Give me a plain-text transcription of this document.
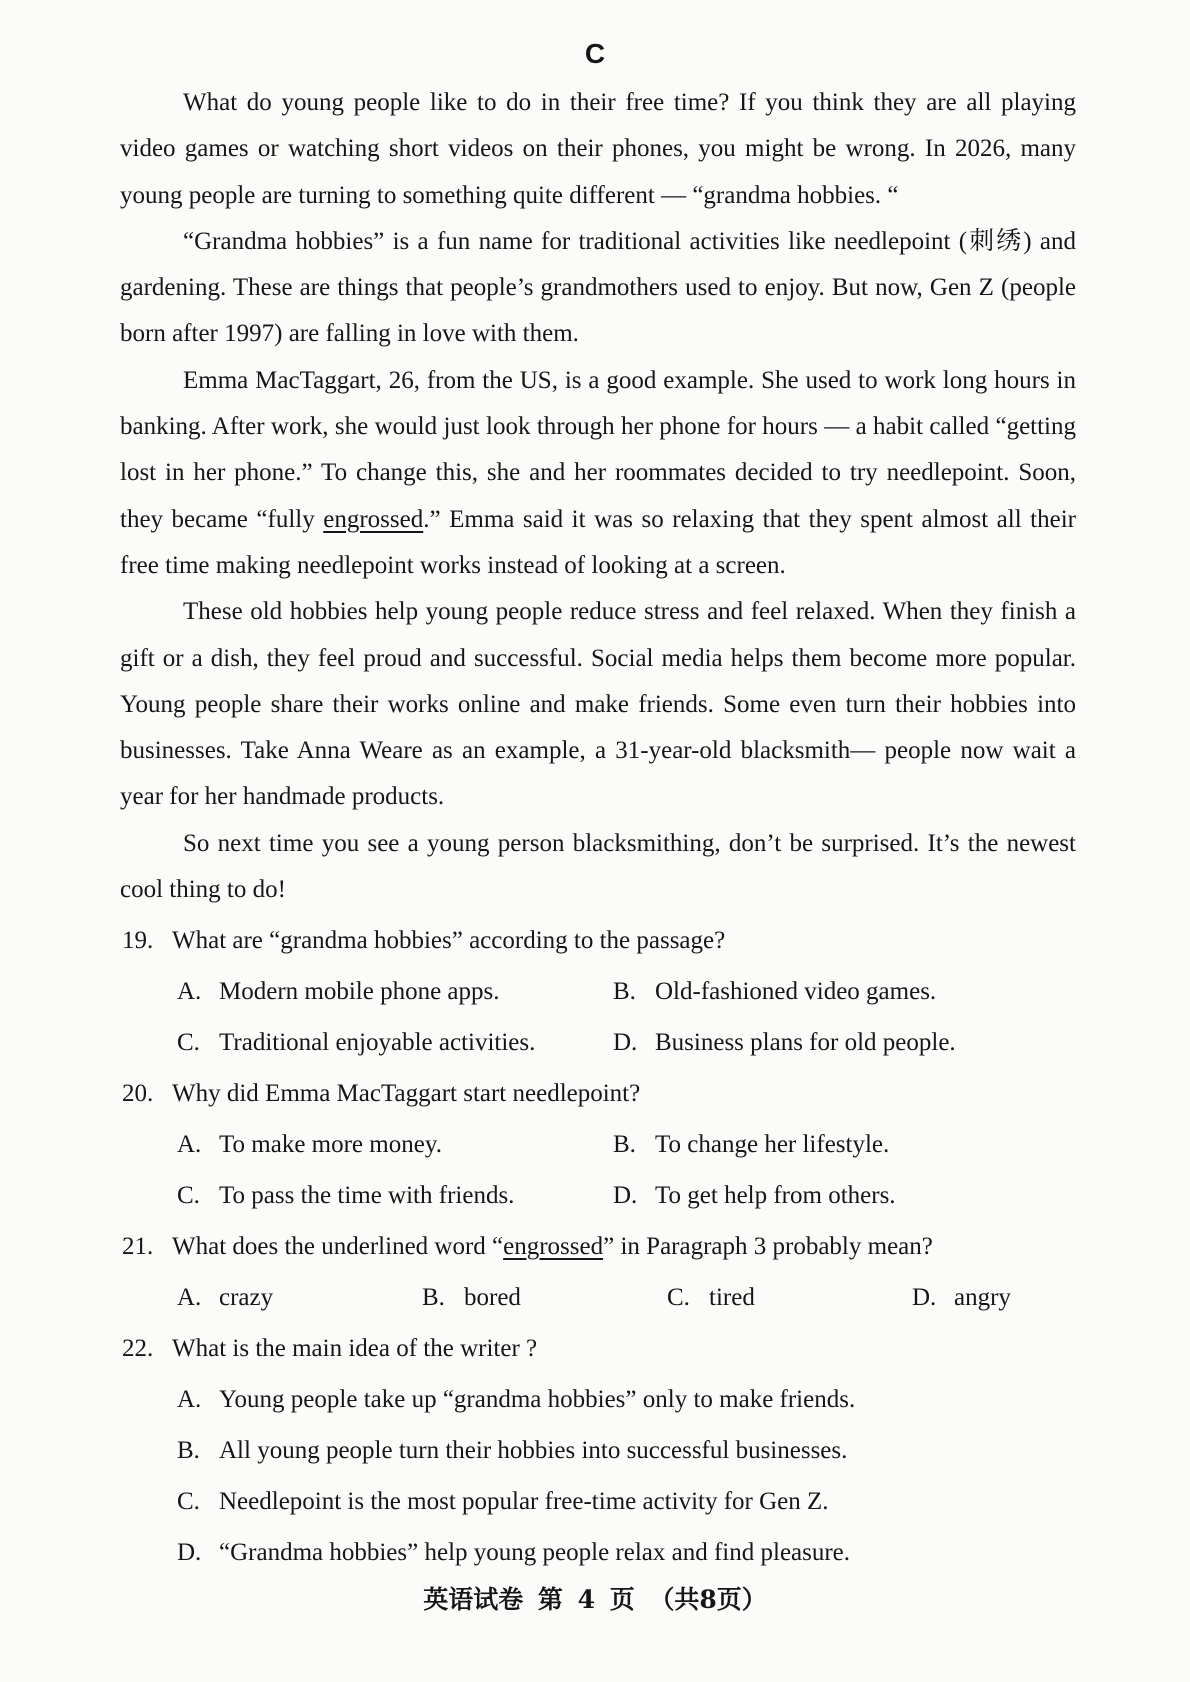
C

What do young people like to do in their free time? If you think they are all playing video games or watching short videos on their phones, you might be wrong. In 2026, many young people are turning to something quite different — “grandma hobbies. “

“Grandma hobbies” is a fun name for traditional activities like needlepoint (刺绣) and gardening. These are things that people’s grandmothers used to enjoy. But now, Gen Z (people born after 1997) are falling in love with them.

Emma MacTaggart, 26, from the US, is a good example. She used to work long hours in banking. After work, she would just look through her phone for hours — a habit called “getting lost in her phone.” To change this, she and her roommates decided to try needlepoint. Soon, they became “fully engrossed.” Emma said it was so relaxing that they spent almost all their free time making needlepoint works instead of looking at a screen.

These old hobbies help young people reduce stress and feel relaxed. When they finish a gift or a dish, they feel proud and successful. Social media helps them become more popular. Young people share their works online and make friends. Some even turn their hobbies into businesses. Take Anna Weare as an example, a 31-year-old blacksmith— people now wait a year for her handmade products.

So next time you see a young person blacksmithing, don’t be surprised. It’s the newest cool thing to do!

19. What are “grandma hobbies” according to the passage?
A. Modern mobile phone apps.	B. Old-fashioned video games.
C. Traditional enjoyable activities.	D. Business plans for old people.
20. Why did Emma MacTaggart start needlepoint?
A. To make more money.	B. To change her lifestyle.
C. To pass the time with friends.	D. To get help from others.
21. What does the underlined word “engrossed” in Paragraph 3 probably mean?
A. crazy	B. bored	C. tired	D. angry
22. What is the main idea of the writer ?
A. Young people take up “grandma hobbies” only to make friends.
B. All young people turn their hobbies into successful businesses.
C. Needlepoint is the most popular free-time activity for Gen Z.
D. “Grandma hobbies” help young people relax and find pleasure.
英语试卷 第 4 页 （共8页）
